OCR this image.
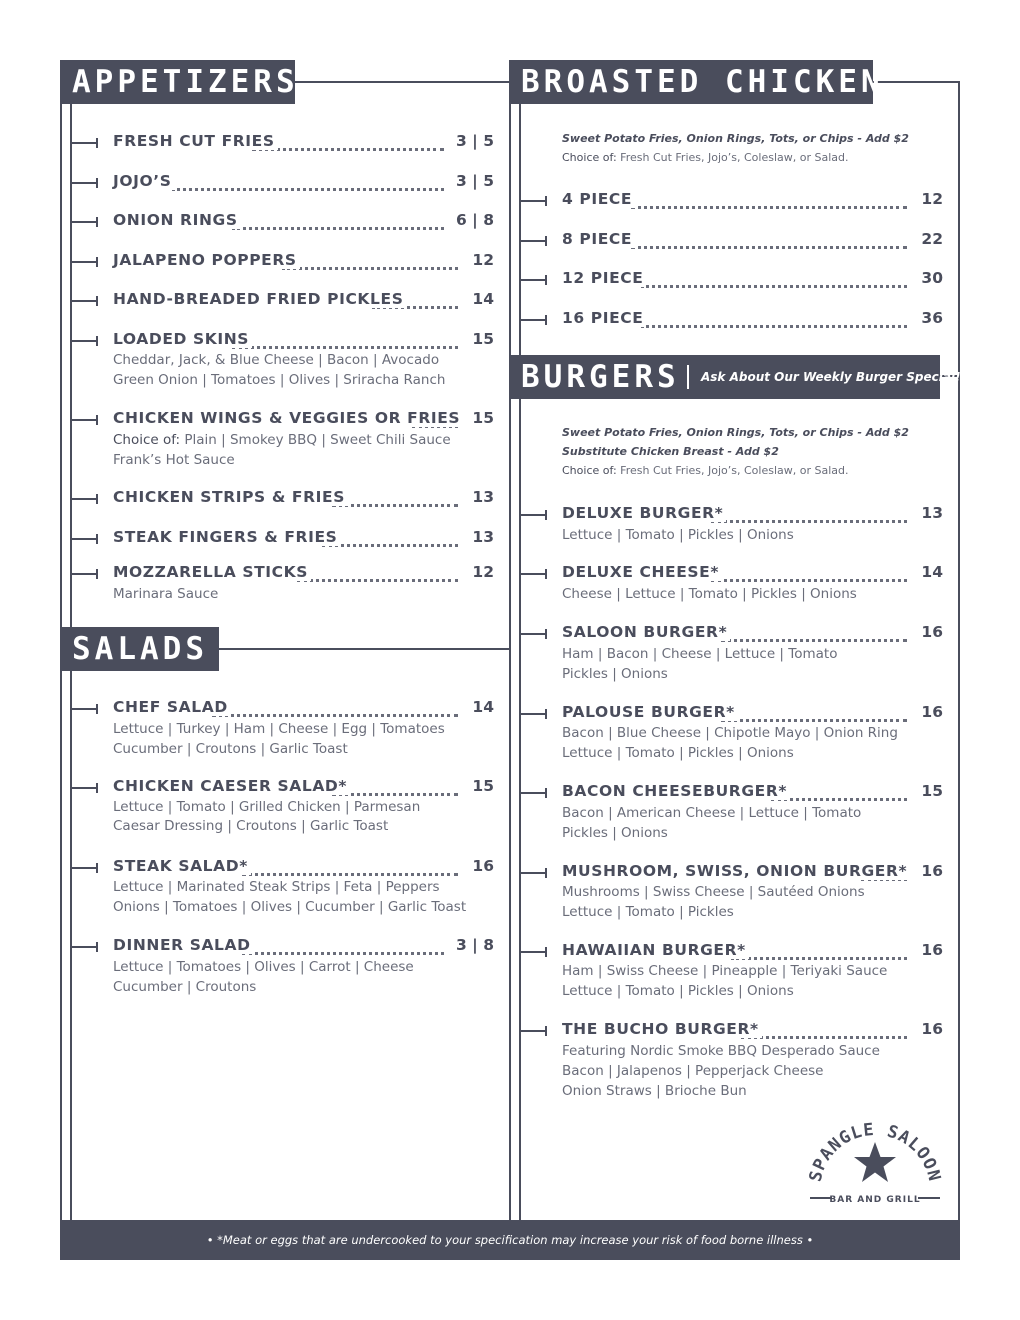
APPETIZERS	BROASTED CHICKEN
SALADS
BURGERS Ask About Our Weekly Burger Special!
FRESH CUT FRIES	3 | 5
JOJO’S	3 | 5
ONION RINGS	6 | 8
JALAPENO POPPERS	12
HAND-BREADED FRIED PICKLES	14
LOADED SKINS	15
Cheddar, Jack, & Blue Cheese | Bacon | Avocado
Green Onion | Tomatoes | Olives | Sriracha Ranch
CHICKEN WINGS & VEGGIES OR FRIES 15
Choice of: Plain | Smokey BBQ | Sweet Chili Sauce
Frank’s Hot Sauce
CHICKEN STRIPS & FRIES	13
STEAK FINGERS & FRIES	13
MOZZARELLA STICKS	12
Marinara Sauce
CHEF SALAD	14
Lettuce | Turkey | Ham | Cheese | Egg | Tomatoes
Cucumber | Croutons | Garlic Toast
CHICKEN CAESER SALAD*	15
Lettuce | Tomato | Grilled Chicken | Parmesan
Caesar Dressing | Croutons | Garlic Toast
STEAK SALAD*	16
Lettuce | Marinated Steak Strips | Feta | Peppers
Onions | Tomatoes | Olives | Cucumber | Garlic Toast
DINNER SALAD	3 | 8
Lettuce | Tomatoes | Olives | Carrot | Cheese
Cucumber | Croutons
Sweet Potato Fries, Onion Rings, Tots, or Chips - Add $2
Choice of: Fresh Cut Fries, Jojo’s, Coleslaw, or Salad.
4 PIECE	12
8 PIECE	22
12 PIECE	30
16 PIECE	36
Sweet Potato Fries, Onion Rings, Tots, or Chips - Add $2
Substitute Chicken Breast - Add $2
Choice of: Fresh Cut Fries, Jojo’s, Coleslaw, or Salad.
DELUXE BURGER*	13
Lettuce | Tomato | Pickles | Onions
DELUXE CHEESE*	14
Cheese | Lettuce | Tomato | Pickles | Onions
SALOON BURGER*	16
Ham | Bacon | Cheese | Lettuce | Tomato
Pickles | Onions
PALOUSE BURGER*	16
Bacon | Blue Cheese | Chipotle Mayo | Onion Ring
Lettuce | Tomato | Pickles | Onions
BACON CHEESEBURGER*	15
Bacon | American Cheese | Lettuce | Tomato
Pickles | Onions
MUSHROOM, SWISS, ONION BURGER* 16
Mushrooms | Swiss Cheese | Sautéed Onions
Lettuce | Tomato | Pickles
HAWAIIAN BURGER*	16
Ham | Swiss Cheese | Pineapple | Teriyaki Sauce
Lettuce | Tomato | Pickles | Onions
THE BUCHO BURGER*	16
Featuring Nordic Smoke BBQ Desperado Sauce
Bacon | Jalapenos | Pepperjack Cheese
Onion Straws | Brioche Bun
SPANGLE SALOON
BAR AND GRILL
• *Meat or eggs that are undercooked to your specification may increase your risk of food borne illness •
